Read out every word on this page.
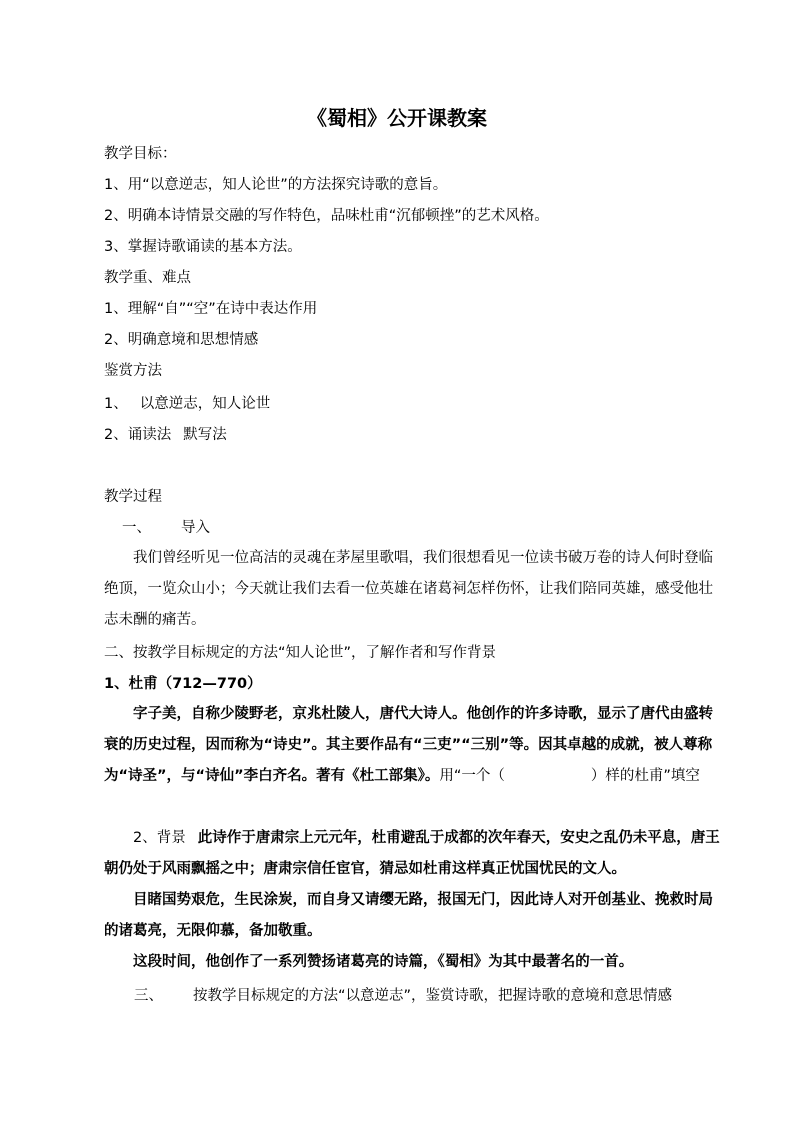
《蜀相》公开课教案
教学目标：
1、用“以意逆志，知人论世”的方法探究诗歌的意旨。
2、明确本诗情景交融的写作特色，品味杜甫“沉郁顿挫”的艺术风格。
3、掌握诗歌诵读的基本方法。
教学重、难点
1、理解“自”“空”在诗中表达作用
2、明确意境和思想情感
鉴赏方法
1、 以意逆志，知人论世
2、诵读法 默写法
教学过程
一、 导入
我们曾经听见一位高洁的灵魂在茅屋里歌唱，我们很想看见一位读书破万卷的诗人何时登临绝顶，一览众山小；今天就让我们去看一位英雄在诸葛祠怎样伤怀，让我们陪同英雄，感受他壮志未酬的痛苦。
二、按教学目标规定的方法“知人论世”，了解作者和写作背景
1、杜甫（712—770）
字子美，自称少陵野老，京兆杜陵人，唐代大诗人。他创作的许多诗歌，显示了唐代由盛转衰的历史过程，因而称为“诗史”。其主要作品有“三吏”“三别”等。因其卓越的成就，被人尊称为“诗圣”，与“诗仙”李白齐名。著有《杜工部集》。用“一个（	）样的杜甫”填空
2、背景 此诗作于唐肃宗上元元年，杜甫避乱于成都的次年春天，安史之乱仍未平息，唐王朝仍处于风雨飘摇之中；唐肃宗信任宦官，猜忌如杜甫这样真正忧国忧民的文人。
目睹国势艰危，生民涂炭，而自身又请缨无路，报国无门，因此诗人对开创基业、挽救时局的诸葛亮，无限仰慕，备加敬重。
这段时间，他创作了一系列赞扬诸葛亮的诗篇，《蜀相》为其中最著名的一首。
三、 按教学目标规定的方法“以意逆志”，鉴赏诗歌，把握诗歌的意境和意思情感
